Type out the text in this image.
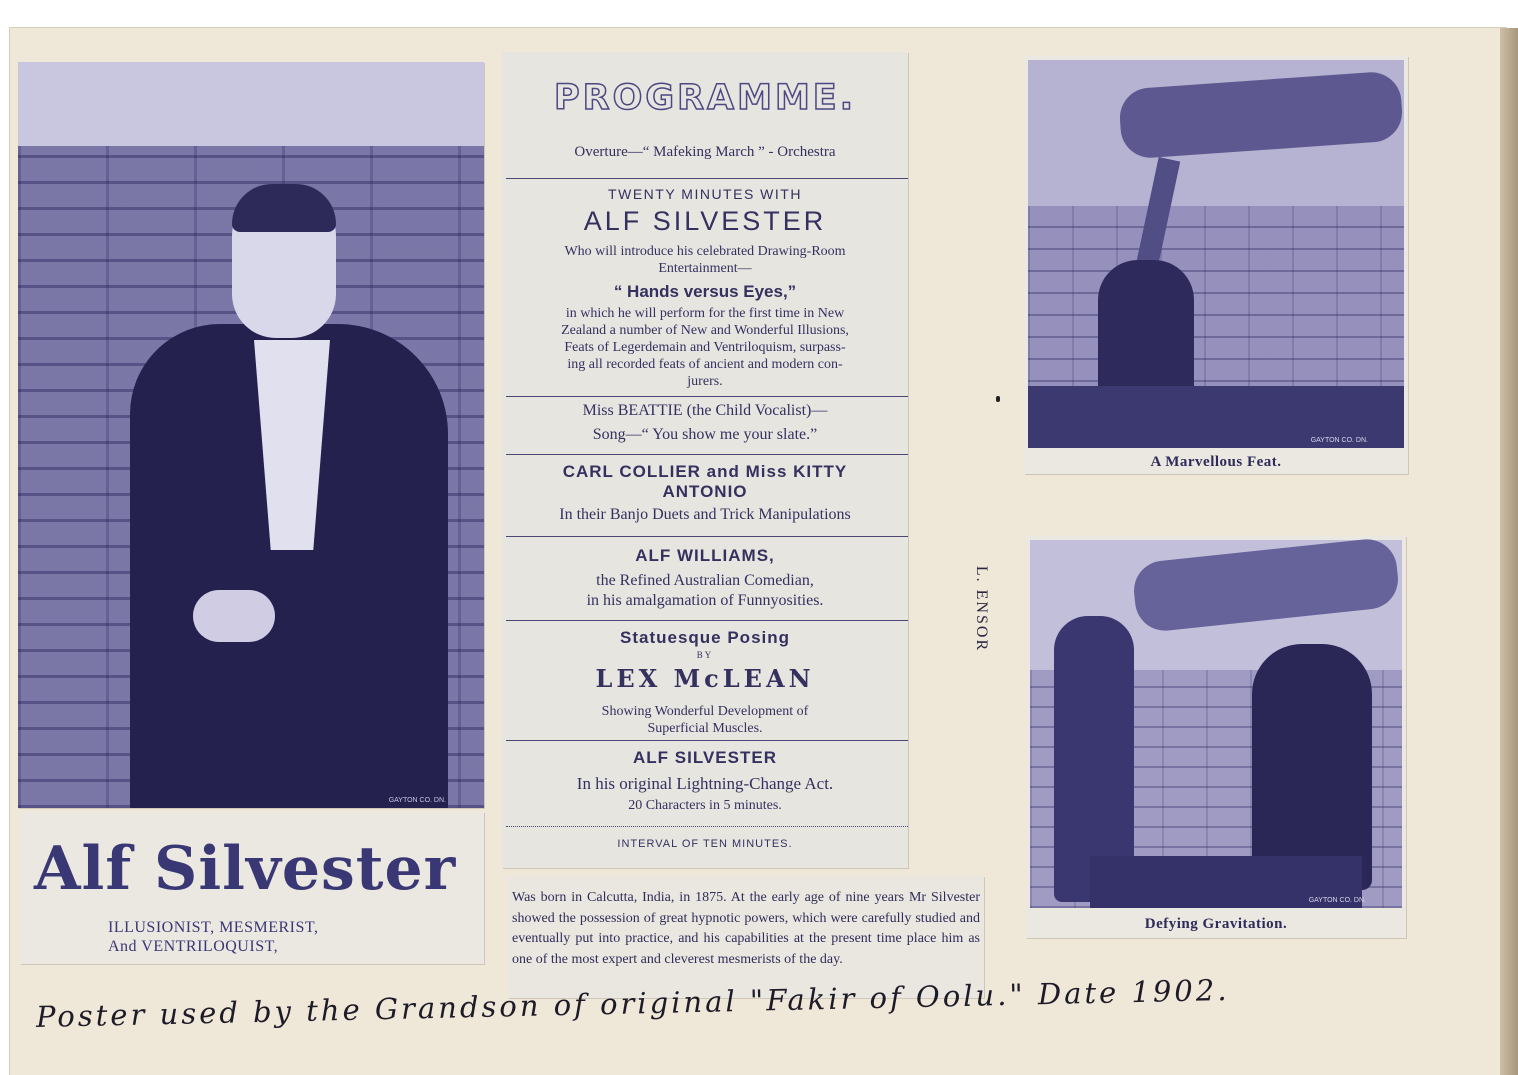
GAYTON CO. DN.
Alf Silvester
ILLUSIONIST, MESMERIST,
And VENTRILOQUIST,
PROGRAMME.
Overture—“ Mafeking March ” - Orchestra
TWENTY MINUTES WITH
ALF SILVESTER
Who will introduce his celebrated Drawing-Room
Entertainment—
“ Hands versus Eyes,”
in which he will perform for the first time in New
Zealand a number of New and Wonderful Illusions,
Feats of Legerdemain and Ventriloquism, surpass-
ing all recorded feats of ancient and modern con-
jurers.
Miss BEATTIE (the Child Vocalist)—
Song—“ You show me your slate.”
CARL COLLIER and Miss KITTY
ANTONIO
In their Banjo Duets and Trick Manipulations
ALF WILLIAMS,
the Refined Australian Comedian,
in his amalgamation of Funnyosities.
Statuesque Posing
BY
LEX McLEAN
Showing Wonderful Development of
Superficial Muscles.
ALF SILVESTER
In his original Lightning-Change Act.
20 Characters in 5 minutes.
INTERVAL OF TEN MINUTES.
Was born in Calcutta, India, in 1875. At the early age of nine years Mr Silvester showed the possession of great hypnotic powers, which were carefully studied and eventually put into practice, and his capabilities at the present time place him as one of the most expert and cleverest mesmerists of the day.
GAYTON CO. DN.
A Marvellous Feat.
GAYTON CO. DN.
Defying Gravitation.
L. ENSOR
Poster used by the Grandson of original "Fakir of Oolu." Date 1902.
